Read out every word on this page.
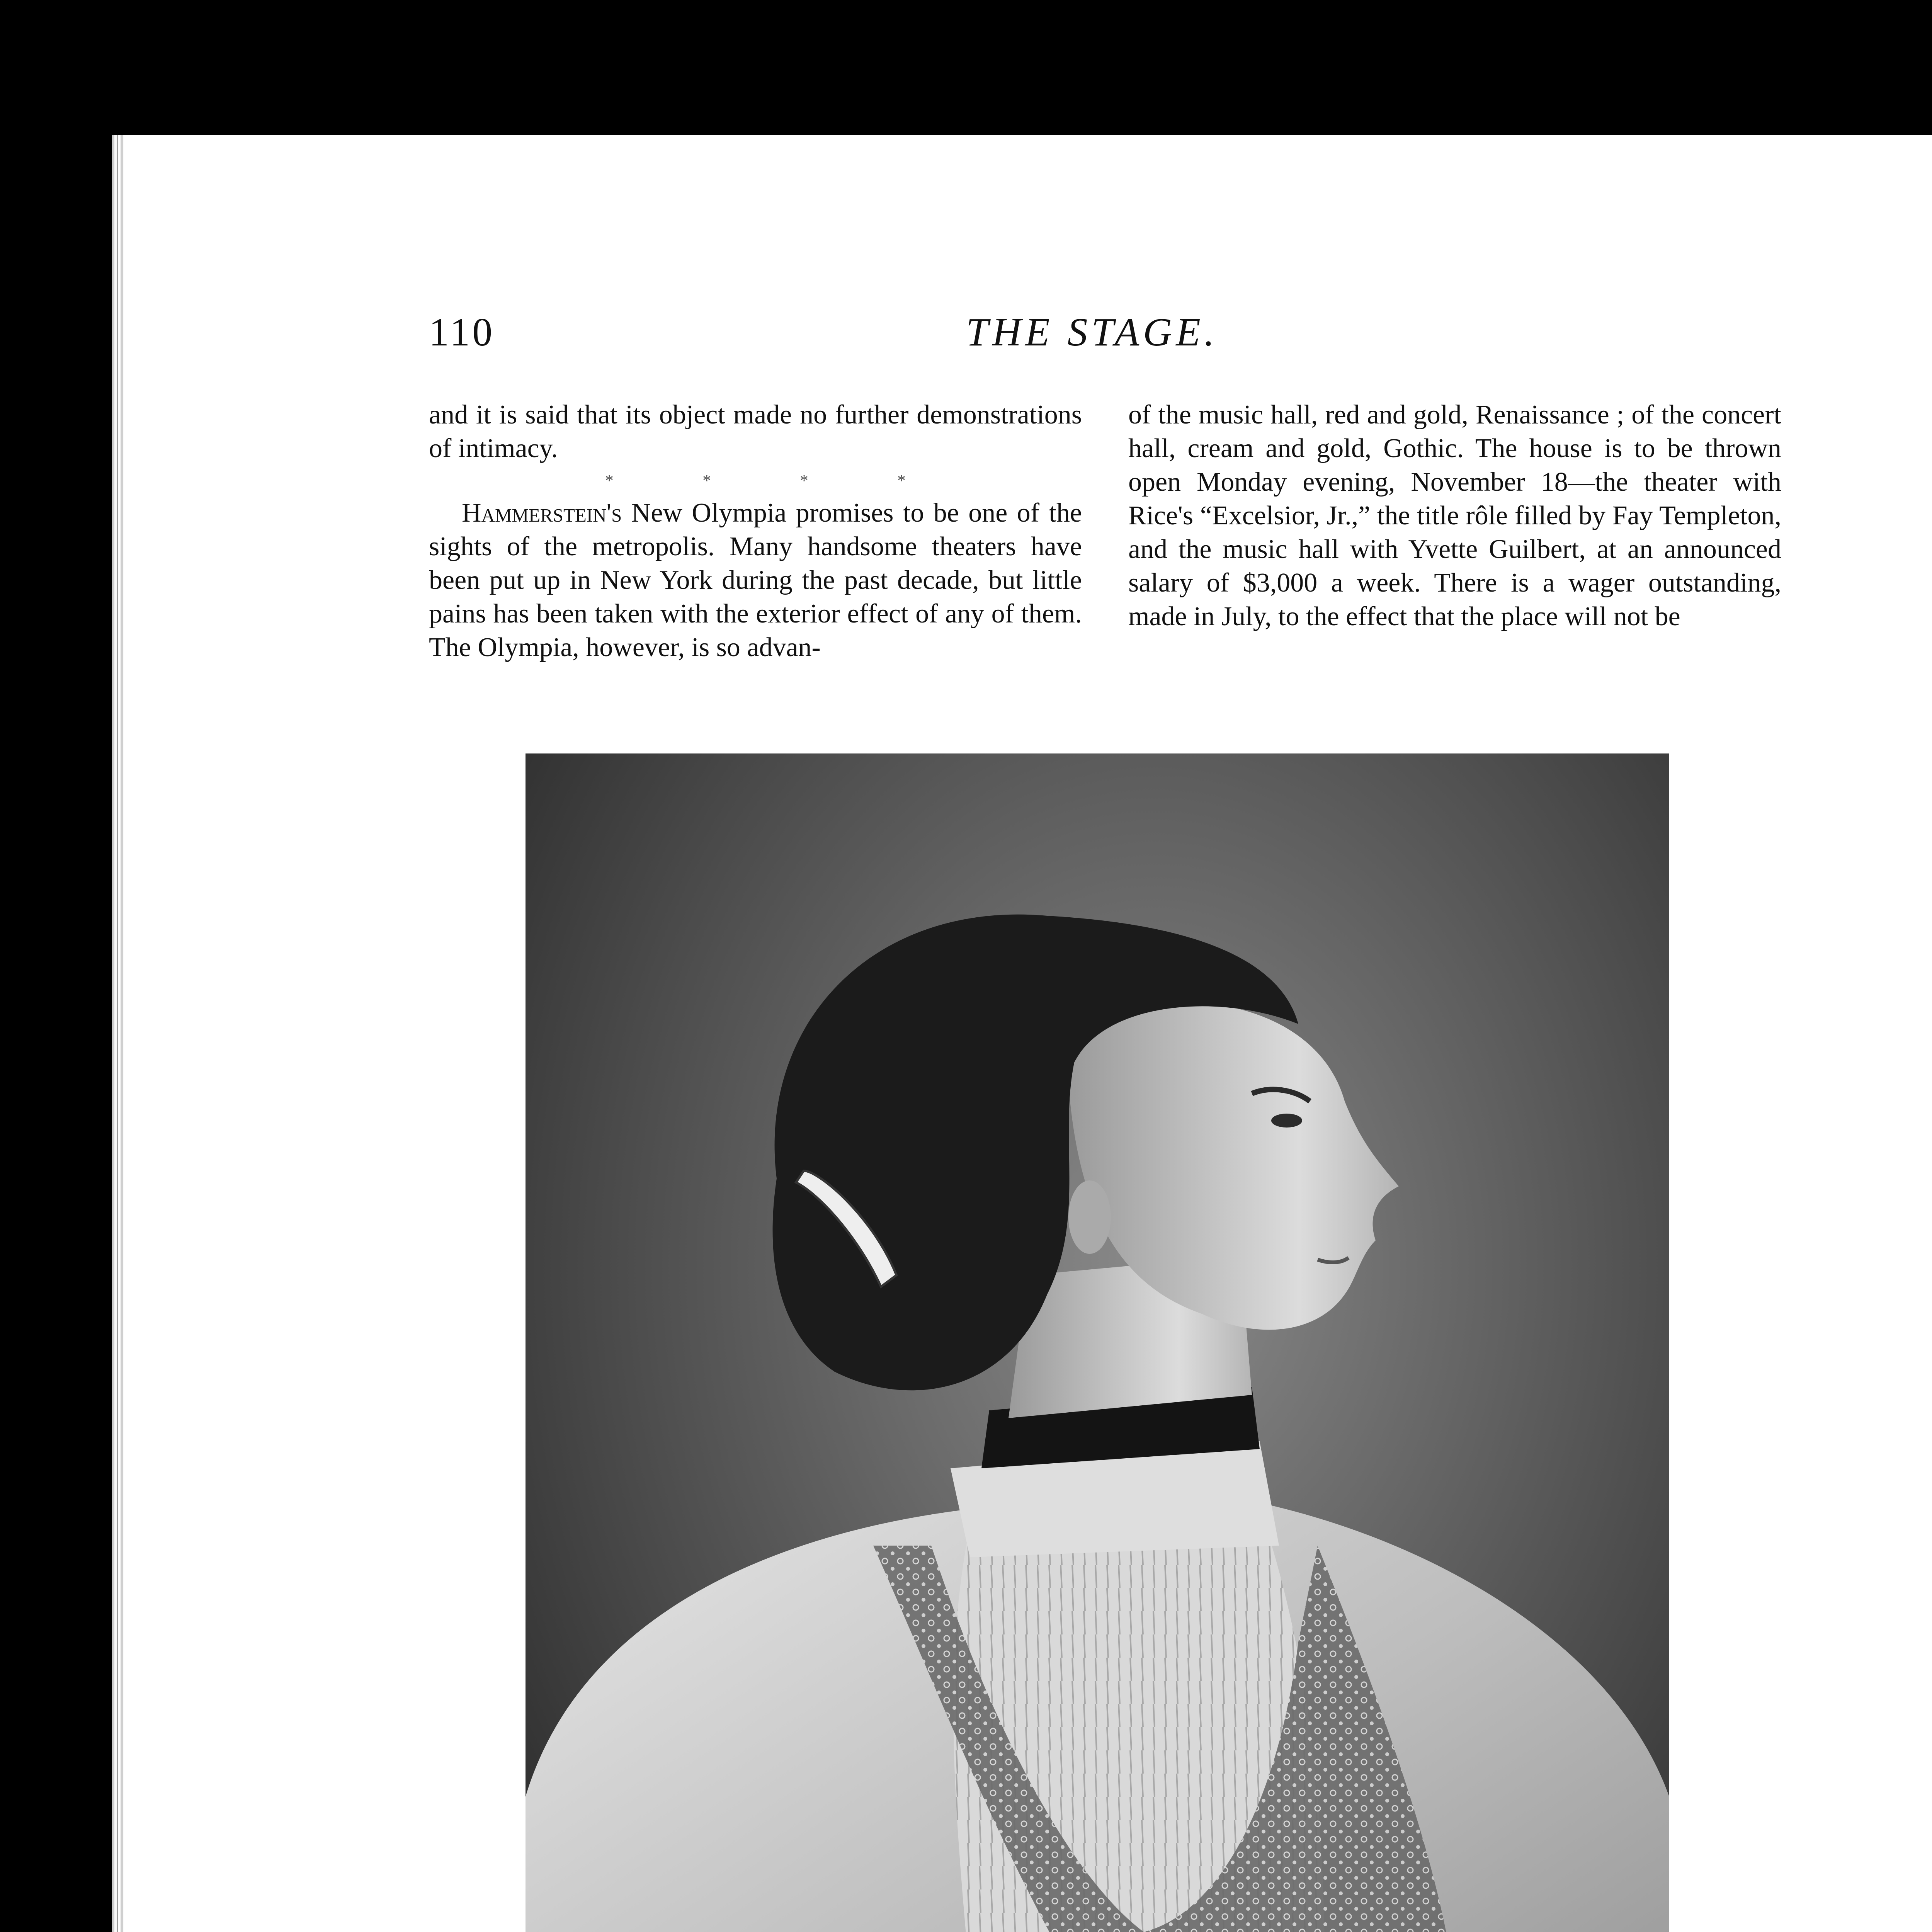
110	THE STAGE.

and it is said that its object made no further demonstrations of intimacy.

*	*	*	*

Hammerstein's New Olympia promises to be one of the sights of the metropolis. Many handsome theaters have been put up in New York during the past decade, but little pains has been taken with the exterior effect of any of them. The Olympia, however, is so advan-

of the music hall, red and gold, Renaissance ; of the concert hall, cream and gold, Gothic. The house is to be thrown open Monday evening, November 18—the theater with Rice's “Excelsior, Jr.,” the title rôle filled by Fay Templeton, and the music hall with Yvette Guilbert, at an announced salary of $3,000 a week. There is a wager outstanding, made in July, to the effect that the place will not be
